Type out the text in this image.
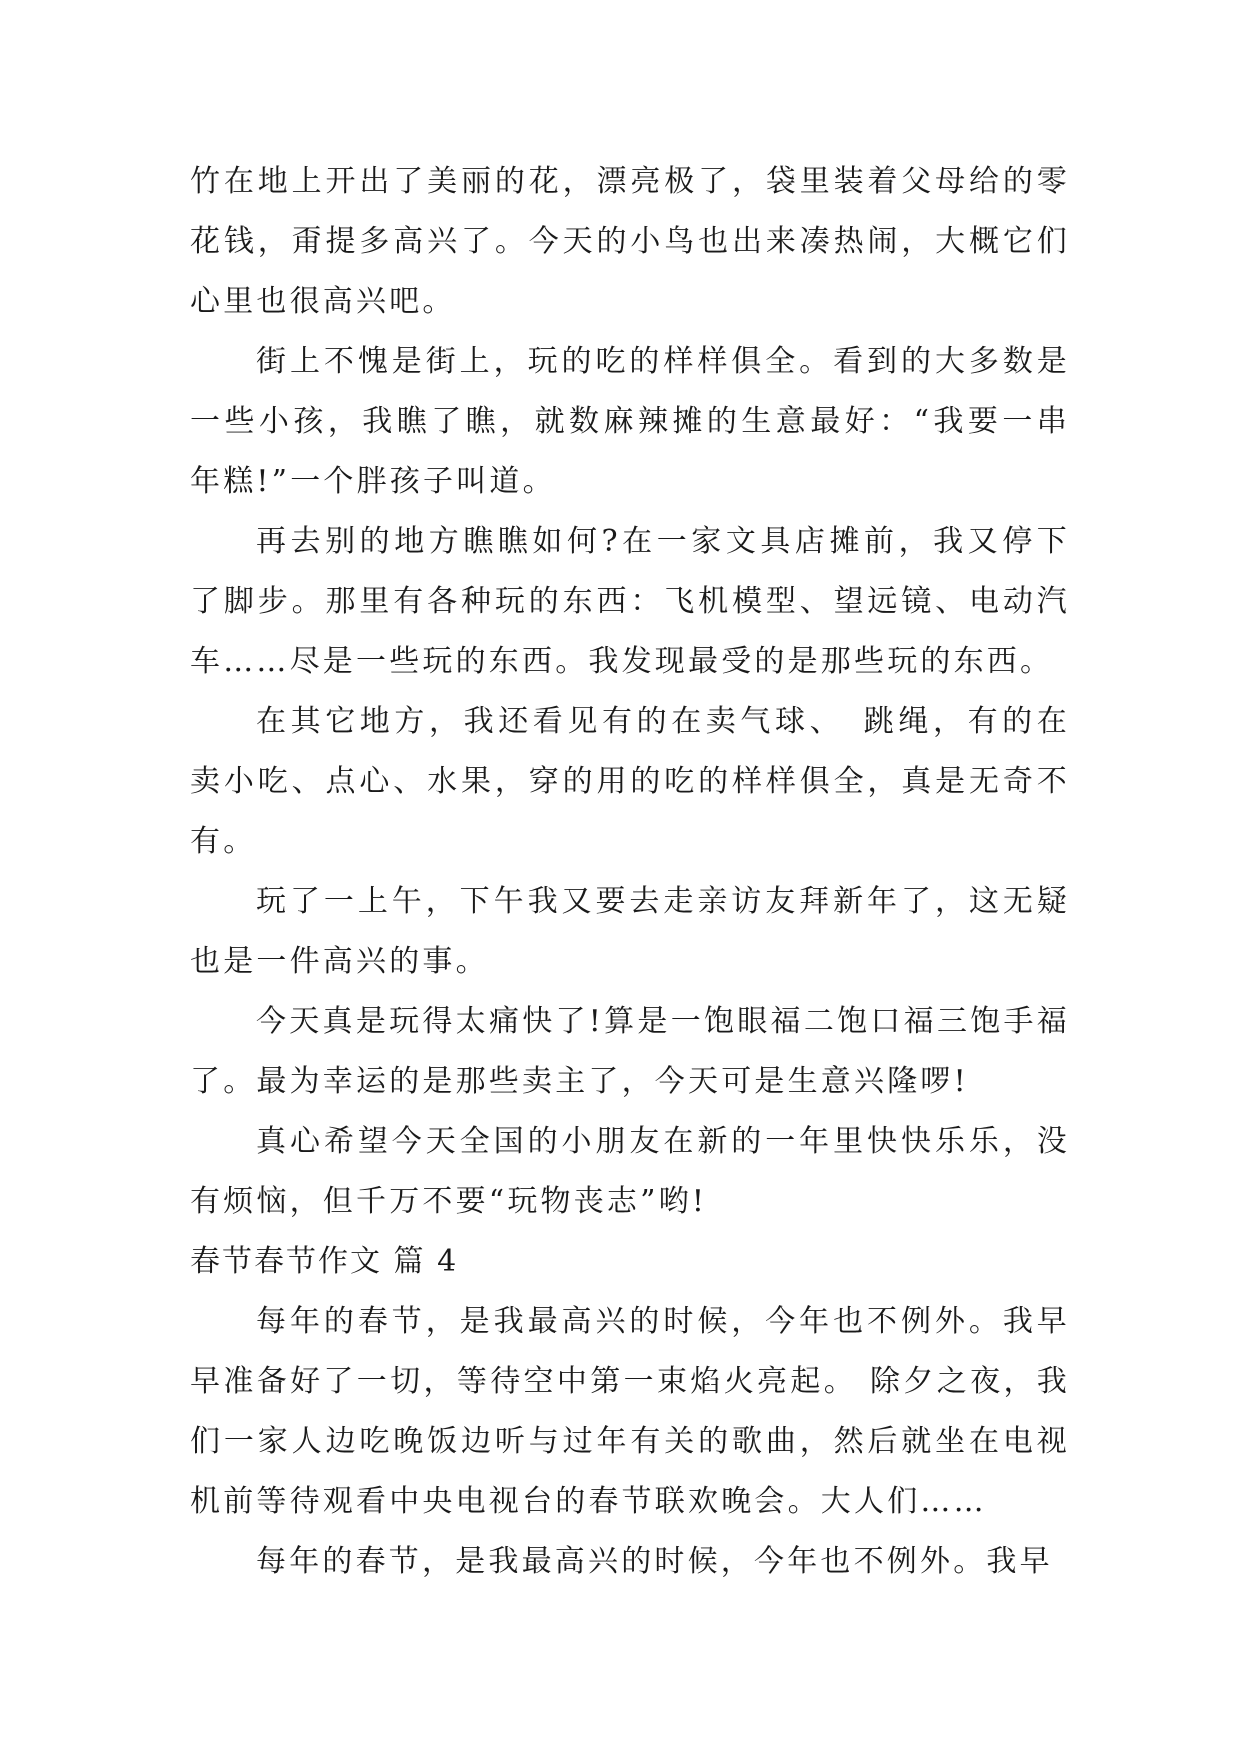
竹在地上开出了美丽的花，漂亮极了，袋里装着父母给的零花钱，甭提多高兴了。今天的小鸟也出来凑热闹，大概它们心里也很高兴吧。

街上不愧是街上，玩的吃的样样俱全。看到的大多数是一些小孩，我瞧了瞧，就数麻辣摊的生意最好：“我要一串年糕!”一个胖孩子叫道。

再去别的地方瞧瞧如何?在一家文具店摊前，我又停下了脚步。那里有各种玩的东西：飞机模型、望远镜、电动汽车……尽是一些玩的东西。我发现最受的是那些玩的东西。

在其它地方，我还看见有的在卖气球、　跳绳，有的在卖小吃、点心、水果，穿的用的吃的样样俱全，真是无奇不有。

玩了一上午，下午我又要去走亲访友拜新年了，这无疑也是一件高兴的事。

今天真是玩得太痛快了!算是一饱眼福二饱口福三饱手福了。最为幸运的是那些卖主了，今天可是生意兴隆啰!

真心希望今天全国的小朋友在新的一年里快快乐乐，没有烦恼，但千万不要“玩物丧志”哟!

春节春节作文 篇 4

每年的春节，是我最高兴的时候，今年也不例外。我早早准备好了一切，等待空中第一束焰火亮起。 除夕之夜，我们一家人边吃晚饭边听与过年有关的歌曲，然后就坐在电视机前等待观看中央电视台的春节联欢晚会。大人们……

每年的春节，是我最高兴的时候，今年也不例外。我早
